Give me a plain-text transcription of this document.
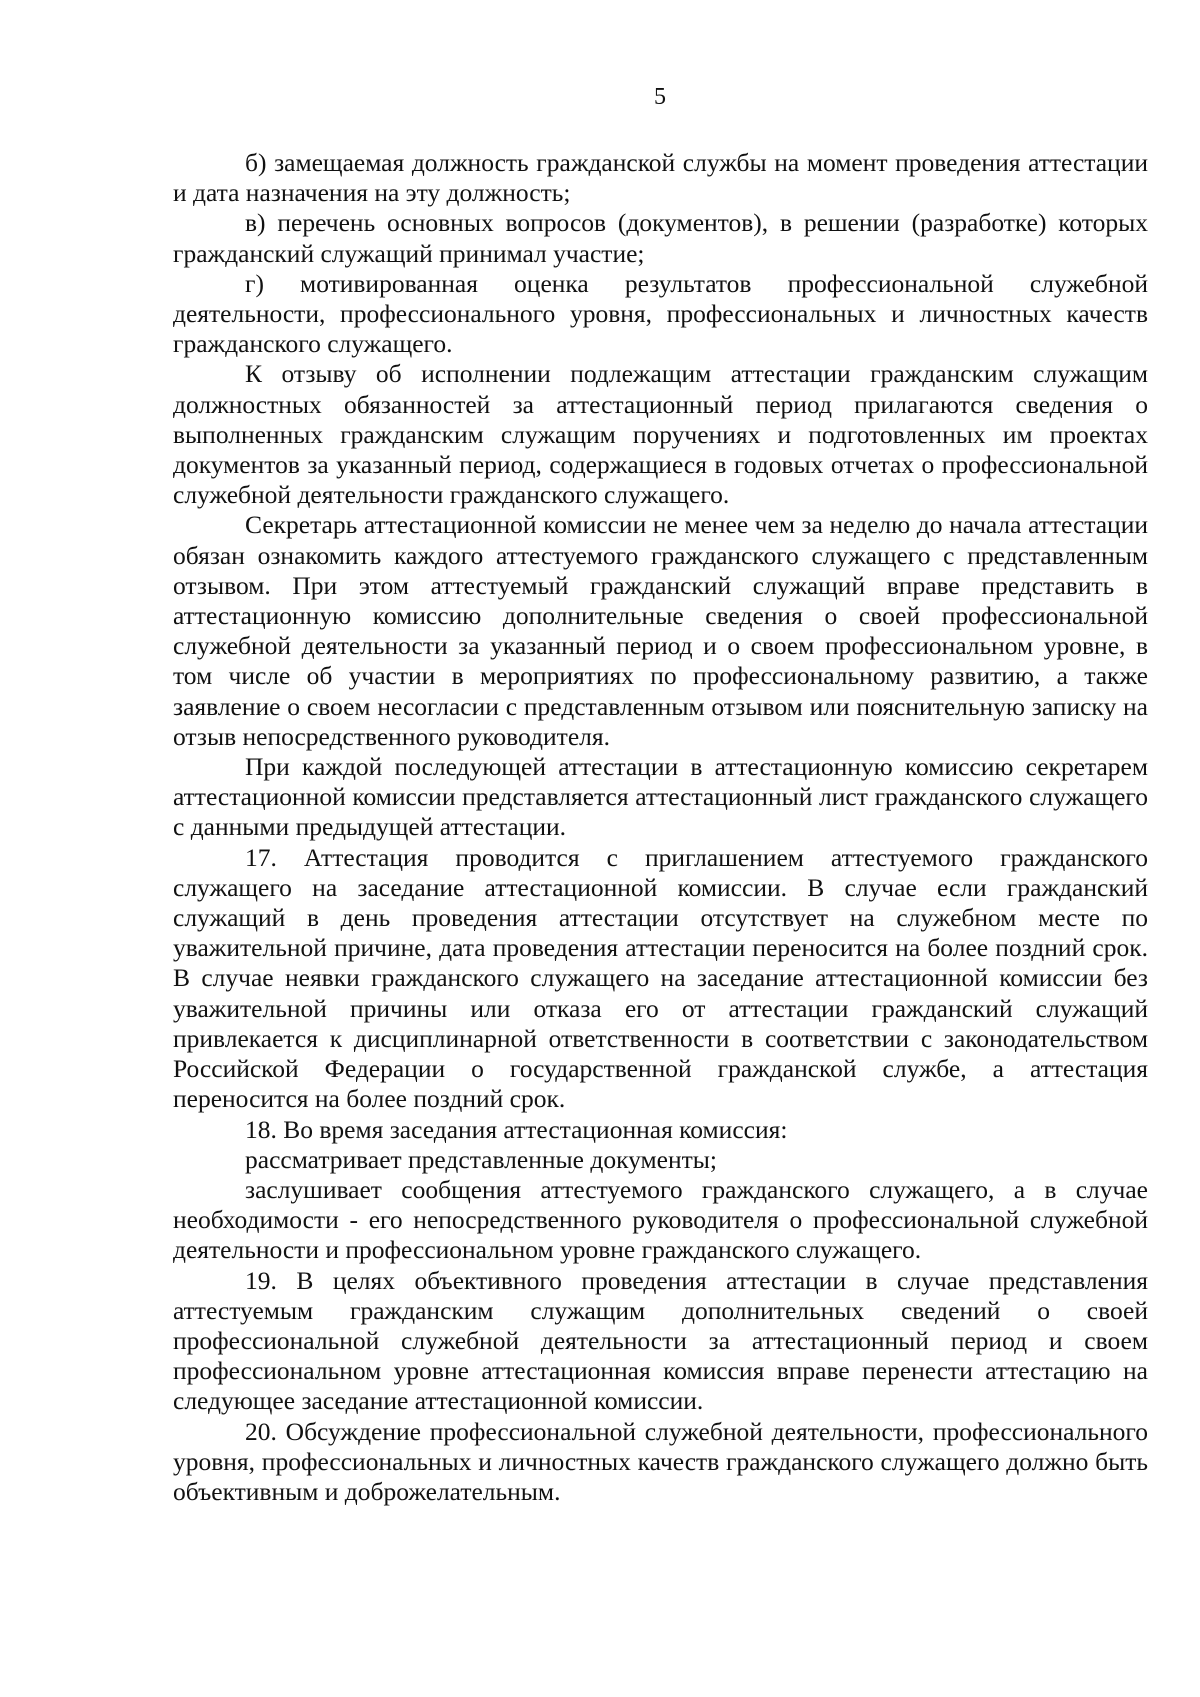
5

б) замещаемая должность гражданской службы на момент проведения аттестации и дата назначения на эту должность;

в) перечень основных вопросов (документов), в решении (разработке) которых гражданский служащий принимал участие;

г) мотивированная оценка результатов профессиональной служебной деятельности, профессионального уровня, профессиональных и личностных качеств гражданского служащего.

К отзыву об исполнении подлежащим аттестации гражданским служащим должностных обязанностей за аттестационный период прилагаются сведения о выполненных гражданским служащим поручениях и подготовленных им проектах документов за указанный период, содержащиеся в годовых отчетах о профессиональной служебной деятельности гражданского служащего.

Секретарь аттестационной комиссии не менее чем за неделю до начала аттестации обязан ознакомить каждого аттестуемого гражданского служащего с представленным отзывом. При этом аттестуемый гражданский служащий вправе представить в аттестационную комиссию дополнительные сведения о своей профессиональной служебной деятельности за указанный период и о своем профессиональном уровне, в том числе об участии в мероприятиях по профессиональному развитию, а также заявление о своем несогласии с представленным отзывом или пояснительную записку на отзыв непосредственного руководителя.

При каждой последующей аттестации в аттестационную комиссию секретарем аттестационной комиссии представляется аттестационный лист гражданского служащего с данными предыдущей аттестации.

17. Аттестация проводится с приглашением аттестуемого гражданского служащего на заседание аттестационной комиссии. В случае если гражданский служащий в день проведения аттестации отсутствует на служебном месте по уважительной причине, дата проведения аттестации переносится на более поздний срок. В случае неявки гражданского служащего на заседание аттестационной комиссии без уважительной причины или отказа его от аттестации гражданский служащий привлекается к дисциплинарной ответственности в соответствии с законодательством Российской Федерации о государственной гражданской службе, а аттестация переносится на более поздний срок.

18. Во время заседания аттестационная комиссия:

рассматривает представленные документы;

заслушивает сообщения аттестуемого гражданского служащего, а в случае необходимости - его непосредственного руководителя о профессиональной служебной деятельности и профессиональном уровне гражданского служащего.

19. В целях объективного проведения аттестации в случае представления аттестуемым гражданским служащим дополнительных сведений о своей профессиональной служебной деятельности за аттестационный период и своем профессиональном уровне аттестационная комиссия вправе перенести аттестацию на следующее заседание аттестационной комиссии.

20. Обсуждение профессиональной служебной деятельности, профессионального уровня, профессиональных и личностных качеств гражданского служащего должно быть объективным и доброжелательным.
